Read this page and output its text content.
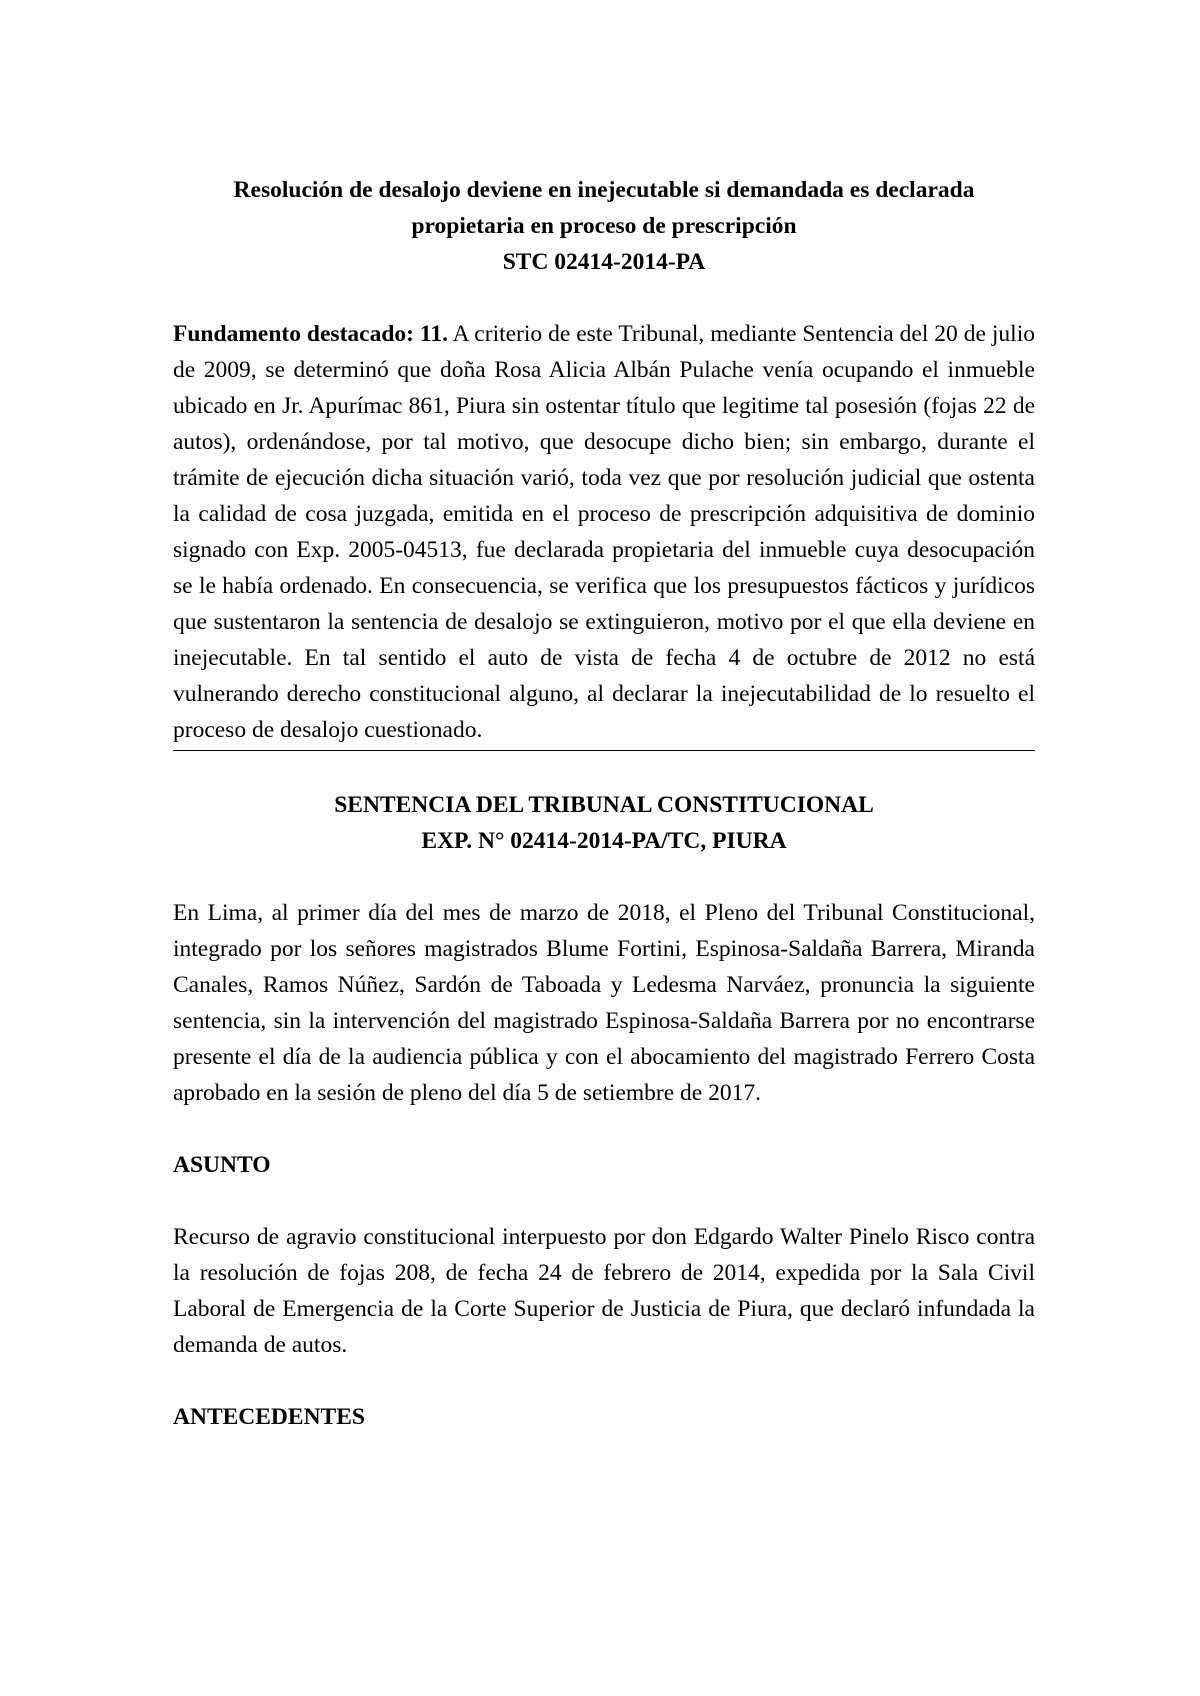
Resolución de desalojo deviene en inejecutable si demandada es declarada

propietaria en proceso de prescripción

STC 02414-2014-PA

Fundamento destacado: 11. A criterio de este Tribunal, mediante Sentencia del 20 de julio de 2009, se determinó que doña Rosa Alicia Albán Pulache venía ocupando el inmueble ubicado en Jr. Apurímac 861, Piura sin ostentar título que legitime tal posesión (fojas 22 de autos), ordenándose, por tal motivo, que desocupe dicho bien; sin embargo, durante el trámite de ejecución dicha situación varió, toda vez que por resolución judicial que ostenta la calidad de cosa juzgada, emitida en el proceso de prescripción adquisitiva de dominio signado con Exp. 2005-04513, fue declarada propietaria del inmueble cuya desocupación se le había ordenado. En consecuencia, se verifica que los presupuestos fácticos y jurídicos que sustentaron la sentencia de desalojo se extinguieron, motivo por el que ella deviene en inejecutable. En tal sentido el auto de vista de fecha 4 de octubre de 2012 no está vulnerando derecho constitucional alguno, al declarar la inejecutabilidad de lo resuelto el proceso de desalojo cuestionado.

SENTENCIA DEL TRIBUNAL CONSTITUCIONAL

EXP. N° 02414-2014-PA/TC, PIURA

En Lima, al primer día del mes de marzo de 2018, el Pleno del Tribunal Constitucional, integrado por los señores magistrados Blume Fortini, Espinosa-Saldaña Barrera, Miranda Canales, Ramos Núñez, Sardón de Taboada y Ledesma Narváez, pronuncia la siguiente sentencia, sin la intervención del magistrado Espinosa-Saldaña Barrera por no encontrarse presente el día de la audiencia pública y con el abocamiento del magistrado Ferrero Costa aprobado en la sesión de pleno del día 5 de setiembre de 2017.

ASUNTO

Recurso de agravio constitucional interpuesto por don Edgardo Walter Pinelo Risco contra la resolución de fojas 208, de fecha 24 de febrero de 2014, expedida por la Sala Civil Laboral de Emergencia de la Corte Superior de Justicia de Piura, que declaró infundada la demanda de autos.

ANTECEDENTES
